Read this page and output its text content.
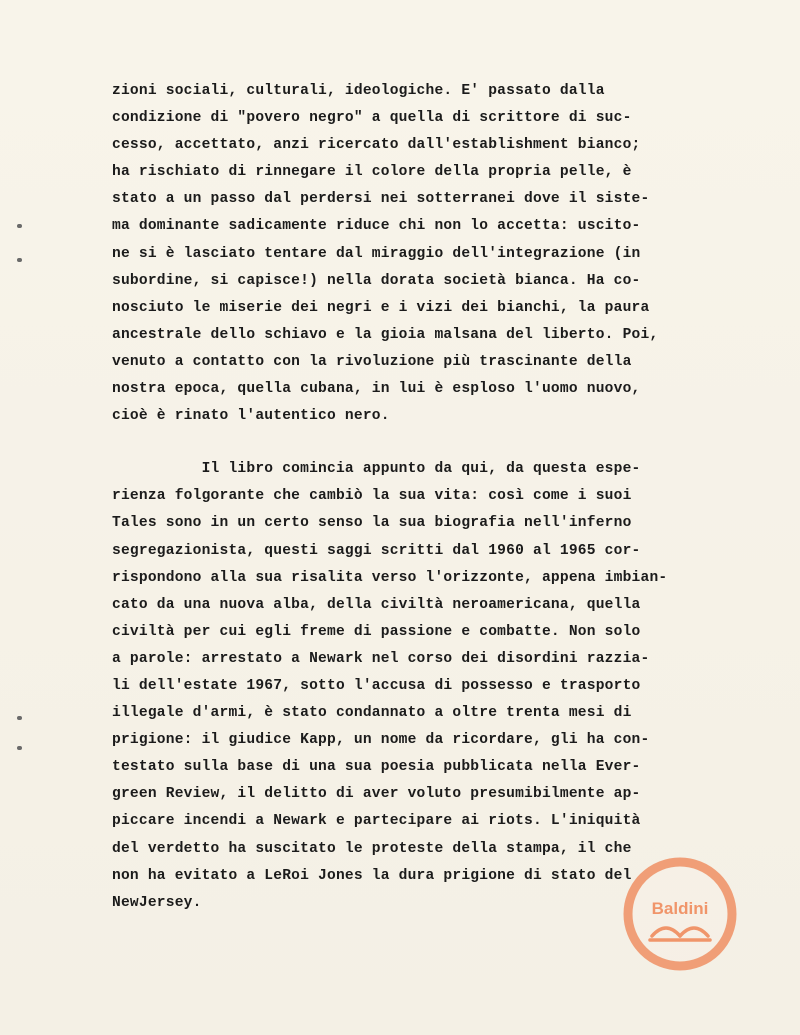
zioni sociali, culturali, ideologiche. E' passato dalla
condizione di "povero negro" a quella di scrittore di suc-
cesso, accettato, anzi ricercato dall'establishment bianco;
ha rischiato di rinnegare il colore della propria pelle, è
stato a un passo dal perdersi nei sotterranei dove il siste-
ma dominante sadicamente riduce chi non lo accetta: uscito-
ne si è lasciato tentare dal miraggio dell'integrazione (in
subordine, si capisce!) nella dorata società bianca. Ha co-
nosciuto le miserie dei negri e i vizi dei bianchi, la paura
ancestrale dello schiavo e la gioia malsana del liberto. Poi,
venuto a contatto con la rivoluzione più trascinante della
nostra epoca, quella cubana, in lui è esploso l'uomo nuovo,
cioè è rinato l'autentico nero.
Il libro comincia appunto da qui, da questa espe-
rienza folgorante che cambiò la sua vita: così come i suoi
Tales sono in un certo senso la sua biografia nell'inferno
segregazionista, questi saggi scritti dal 1960 al 1965 cor-
rispondono alla sua risalita verso l'orizzonte, appena imbian-
cato da una nuova alba, della civiltà neroamericana, quella
civiltà per cui egli freme di passione e combatte. Non solo
a parole: arrestato a Newark nel corso dei disordini razzia-
li dell'estate 1967, sotto l'accusa di possesso e trasporto
illegale d'armi, è stato condannato a oltre trenta mesi di
prigione: il giudice Kapp, un nome da ricordare, gli ha con-
testato sulla base di una sua poesia pubblicata nella Ever-
green Review, il delitto di aver voluto presumibilmente ap-
piccare incendi a Newark e partecipare ai riots. L'iniquità
del verdetto ha suscitato le proteste della stampa, il che
non ha evitato a LeRoi Jones la dura prigione di stato del
NewJersey.	Baldini
